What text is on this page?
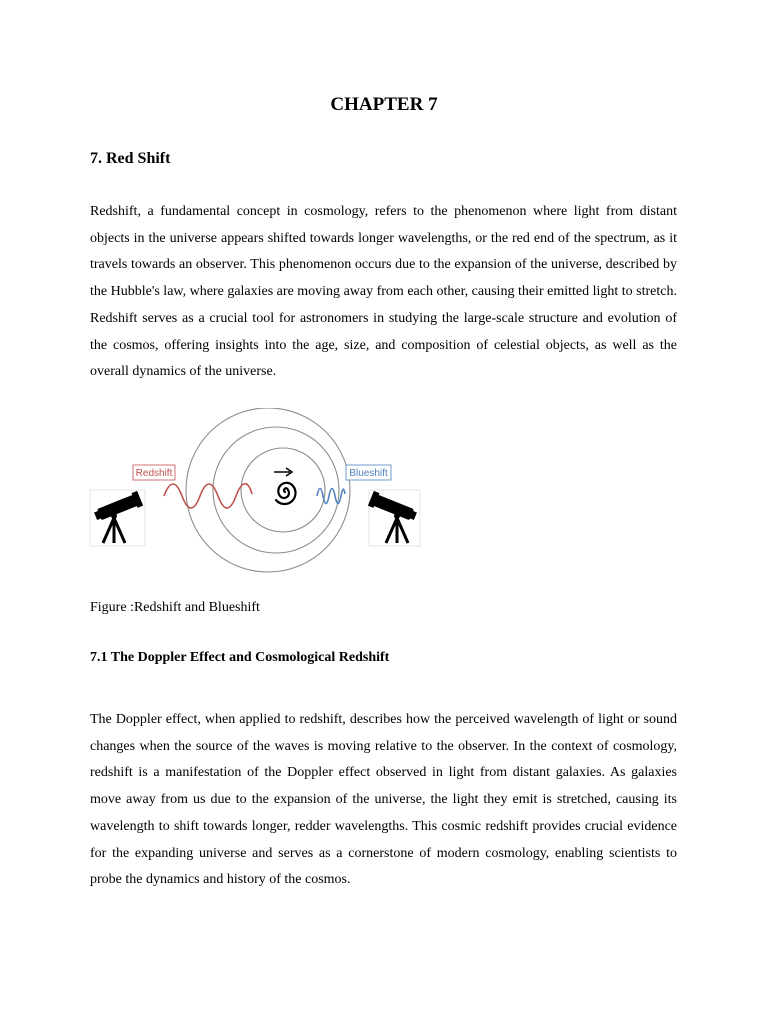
CHAPTER 7
7. Red Shift

Redshift, a fundamental concept in cosmology, refers to the phenomenon where light from distant objects in the universe appears shifted towards longer wavelengths, or the red end of the spectrum, as it travels towards an observer. This phenomenon occurs due to the expansion of the universe, described by the Hubble's law, where galaxies are moving away from each other, causing their emitted light to stretch. Redshift serves as a crucial tool for astronomers in studying the large-scale structure and evolution of the cosmos, offering insights into the age, size, and composition of celestial objects, as well as the overall dynamics of the universe.

Redshift	Blueshift

Figure :Redshift and Blueshift

7.1 The Doppler Effect and Cosmological Redshift

The Doppler effect, when applied to redshift, describes how the perceived wavelength of light or sound changes when the source of the waves is moving relative to the observer. In the context of cosmology, redshift is a manifestation of the Doppler effect observed in light from distant galaxies. As galaxies move away from us due to the expansion of the universe, the light they emit is stretched, causing its wavelength to shift towards longer, redder wavelengths. This cosmic redshift provides crucial evidence for the expanding universe and serves as a cornerstone of modern cosmology, enabling scientists to probe the dynamics and history of the cosmos.
